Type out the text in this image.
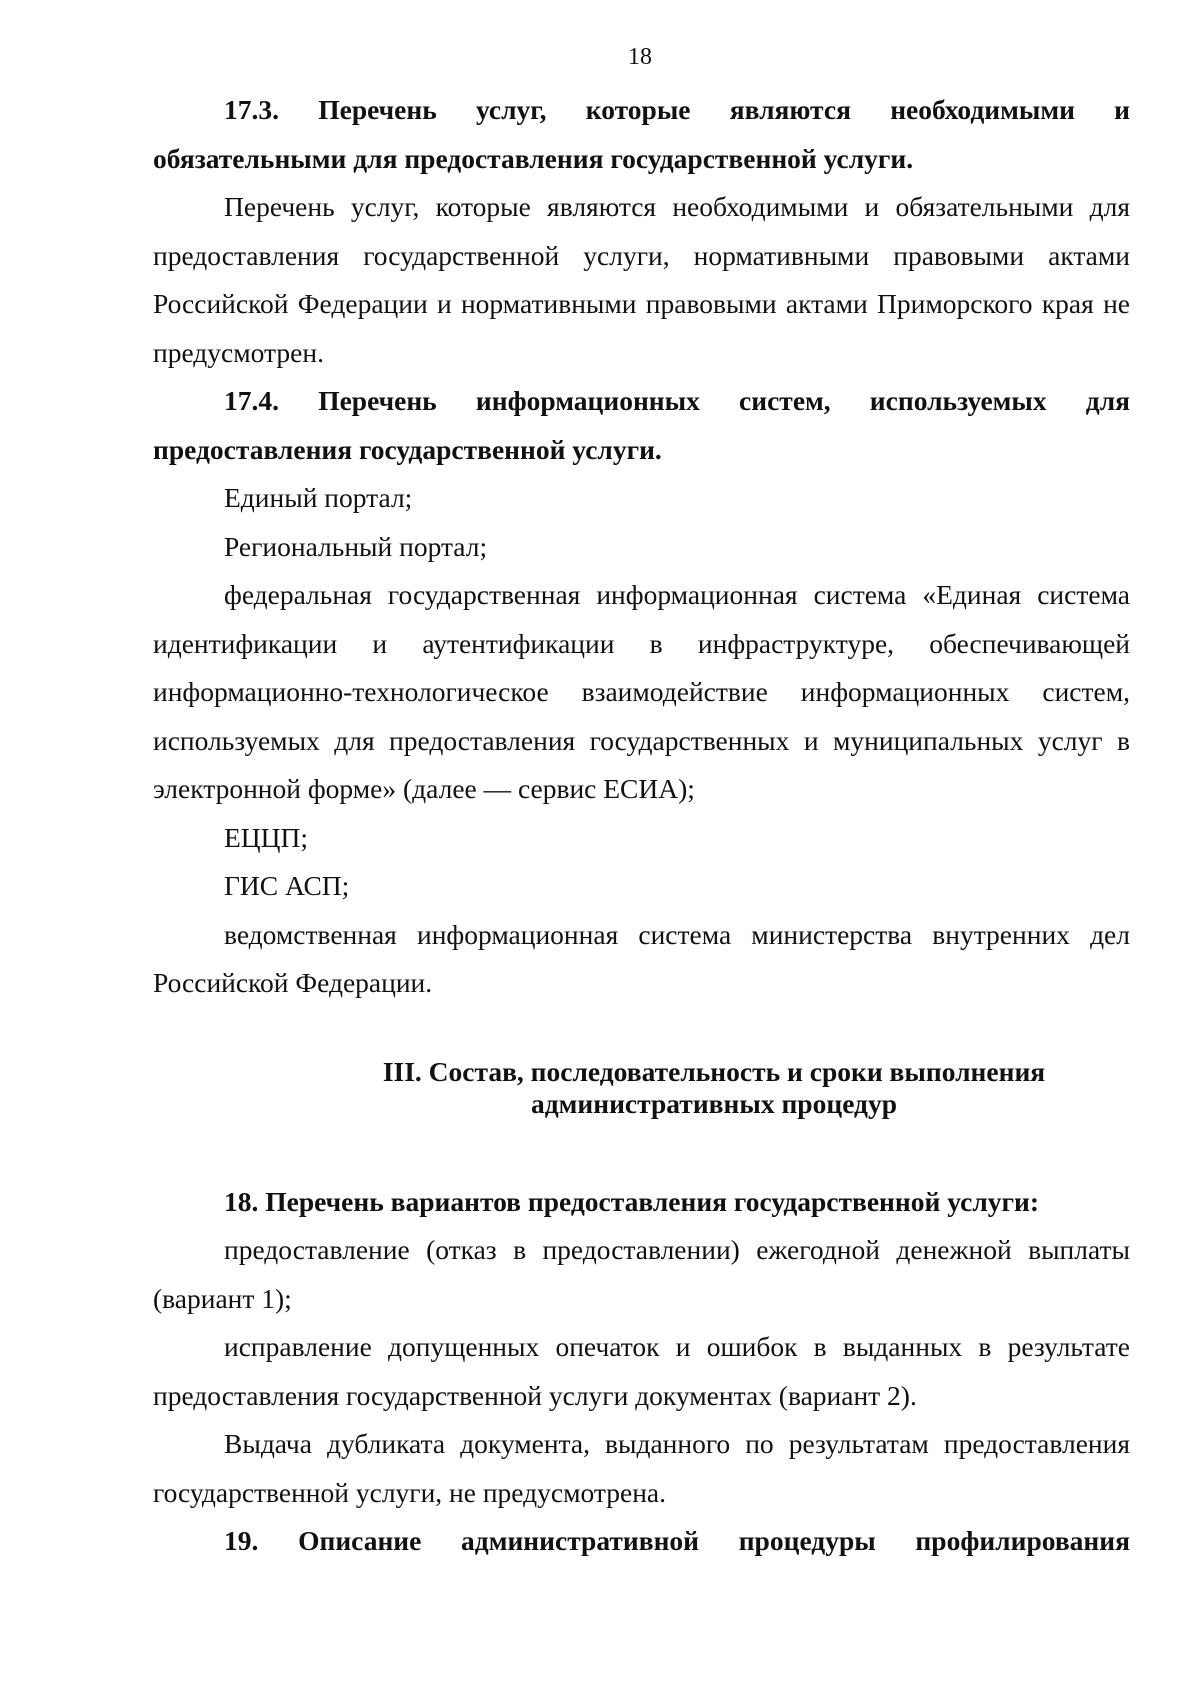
18

17.3. Перечень услуг, которые являются необходимыми и обязательными для предоставления государственной услуги.

Перечень услуг, которые являются необходимыми и обязательными для предоставления государственной услуги, нормативными правовыми актами Российской Федерации и нормативными правовыми актами Приморского края не предусмотрен.

17.4. Перечень информационных систем, используемых для предоставления государственной услуги.

Единый портал;

Региональный портал;

федеральная государственная информационная система «Единая система идентификации и аутентификации в инфраструктуре, обеспечивающей информационно-технологическое взаимодействие информационных систем, используемых для предоставления государственных и муниципальных услуг в электронной форме» (далее — сервис ЕСИА);

ЕЦЦП;

ГИС АСП;

ведомственная информационная система министерства внутренних дел Российской Федерации.

III. Состав, последовательность и сроки выполнения

административных процедур

18. Перечень вариантов предоставления государственной услуги:

предоставление (отказ в предоставлении) ежегодной денежной выплаты (вариант 1);

исправление допущенных опечаток и ошибок в выданных в результате предоставления государственной услуги документах (вариант 2).

Выдача дубликата документа, выданного по результатам предоставления государственной услуги, не предусмотрена.

19. Описание административной процедуры профилирования
